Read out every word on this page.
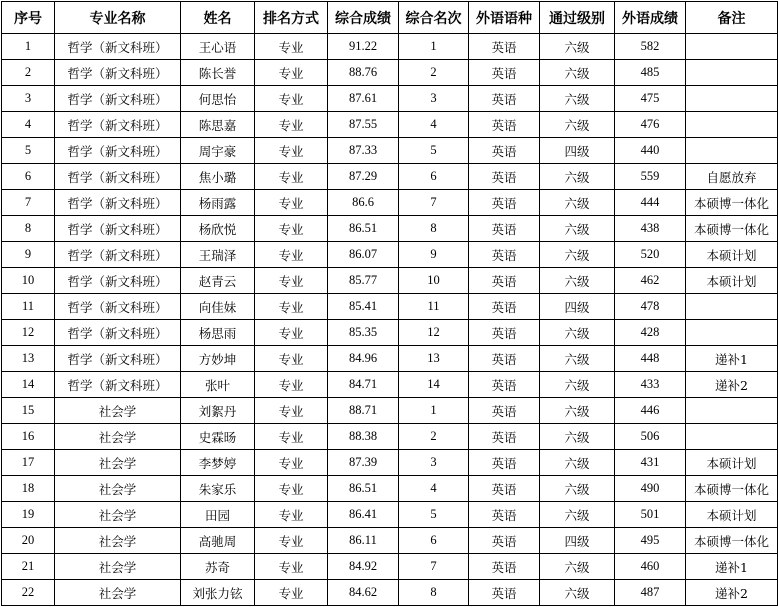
序号	专业名称	姓名	排名方式	综合成绩	综合名次	外语语种	通过级别	外语成绩	备注
1	哲学（新文科班）	王心语	专业	91.22	1	英语	六级	582	
2	哲学（新文科班）	陈长誉	专业	88.76	2	英语	六级	485	
3	哲学（新文科班）	何思怡	专业	87.61	3	英语	六级	475	
4	哲学（新文科班）	陈思嘉	专业	87.55	4	英语	六级	476	
5	哲学（新文科班）	周宇豪	专业	87.33	5	英语	四级	440	
6	哲学（新文科班）	焦小璐	专业	87.29	6	英语	六级	559	自愿放弃
7	哲学（新文科班）	杨雨露	专业	86.6	7	英语	六级	444	本硕博一体化
8	哲学（新文科班）	杨欣悦	专业	86.51	8	英语	六级	438	本硕博一体化
9	哲学（新文科班）	王瑞泽	专业	86.07	9	英语	六级	520	本硕计划
10	哲学（新文科班）	赵青云	专业	85.77	10	英语	六级	462	本硕计划
11	哲学（新文科班）	向佳妹	专业	85.41	11	英语	四级	478	
12	哲学（新文科班）	杨思雨	专业	85.35	12	英语	六级	428	
13	哲学（新文科班）	方妙坤	专业	84.96	13	英语	六级	448	递补1
14	哲学（新文科班）	张叶	专业	84.71	14	英语	六级	433	递补2
15	社会学	刘絮丹	专业	88.71	1	英语	六级	446	
16	社会学	史霖旸	专业	88.38	2	英语	六级	506	
17	社会学	李梦婷	专业	87.39	3	英语	六级	431	本硕计划
18	社会学	朱家乐	专业	86.51	4	英语	六级	490	本硕博一体化
19	社会学	田园	专业	86.41	5	英语	六级	501	本硕计划
20	社会学	高驰周	专业	86.11	6	英语	四级	495	本硕博一体化
21	社会学	苏奇	专业	84.92	7	英语	六级	460	递补1
22	社会学	刘张力铉	专业	84.62	8	英语	六级	487	递补2
